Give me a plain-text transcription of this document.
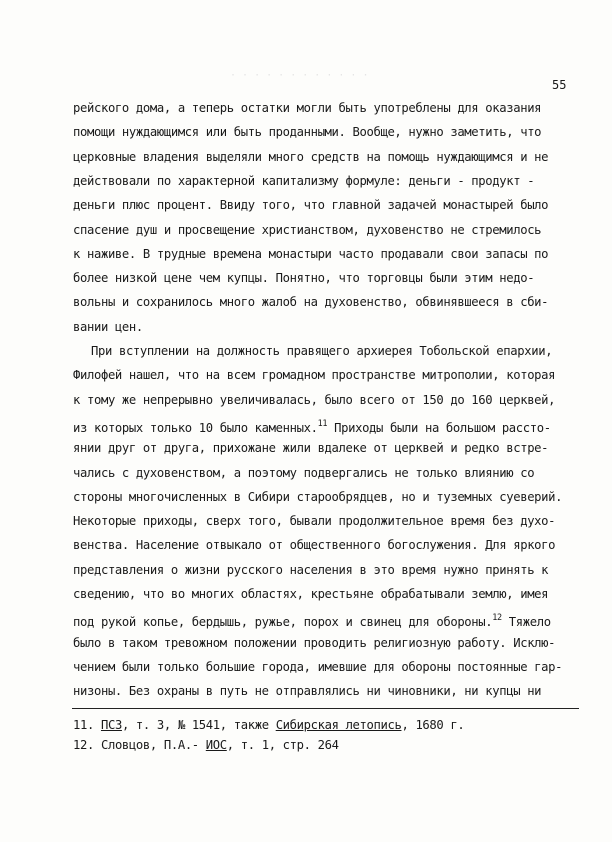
· · · · · · · · · · · ·
55
рейского дома, а теперь остатки могли быть употреблены для оказания
помощи нуждающимся или быть проданными. Вообще, нужно заметить, что
церковные владения выделяли много средств на помощь нуждающимся и не
действовали по характерной капитализму формуле: деньги - продукт -
деньги плюс процент. Ввиду того, что главной задачей монастырей было
спасение душ и просвещение христианством, духовенство не стремилось
к наживе. В трудные времена монастыри часто продавали свои запасы по
более низкой цене чем купцы. Понятно, что торговцы были этим недо-
вольны и сохранилось много жалоб на духовенство, обвинявшееся в сби-
вании цен.
При вступлении на должность правящего архиерея Тобольской епархии,
Филофей нашел, что на всем громадном пространстве митрополии, которая
к тому же непрерывно увеличивалась, было всего от 150 до 160 церквей,
из которых только 10 было каменных.$^{11}$ Приходы были на большом рассто-
янии друг от друга, прихожане жили вдалеке от церквей и редко встре-
чались с духовенством, а поэтому подвергались не только влиянию со
стороны многочисленных в Сибири старообрядцев, но и туземных суеверий.
Некоторые приходы, сверх того, бывали продолжительное время без духо-
венства. Население отвыкало от общественного богослужения. Для яркого
представления о жизни русского населения в это время нужно принять к
сведению, что во многих областях, крестьяне обрабатывали землю, имея
под рукой копье, бердышь, ружье, порох и свинец для обороны.$^{12}$ Тяжело
было в таком тревожном положении проводить религиозную работу. Исклю-
чением были только большие города, имевшие для обороны постоянные гар-
низоны. Без охраны в путь не отправлялись ни чиновники, ни купцы ни
11. ПСЗ, т. 3, № 1541, также Сибирская летопись, 1680 г.
12. Словцов, П.А.- ИОС, т. 1, стр. 264
